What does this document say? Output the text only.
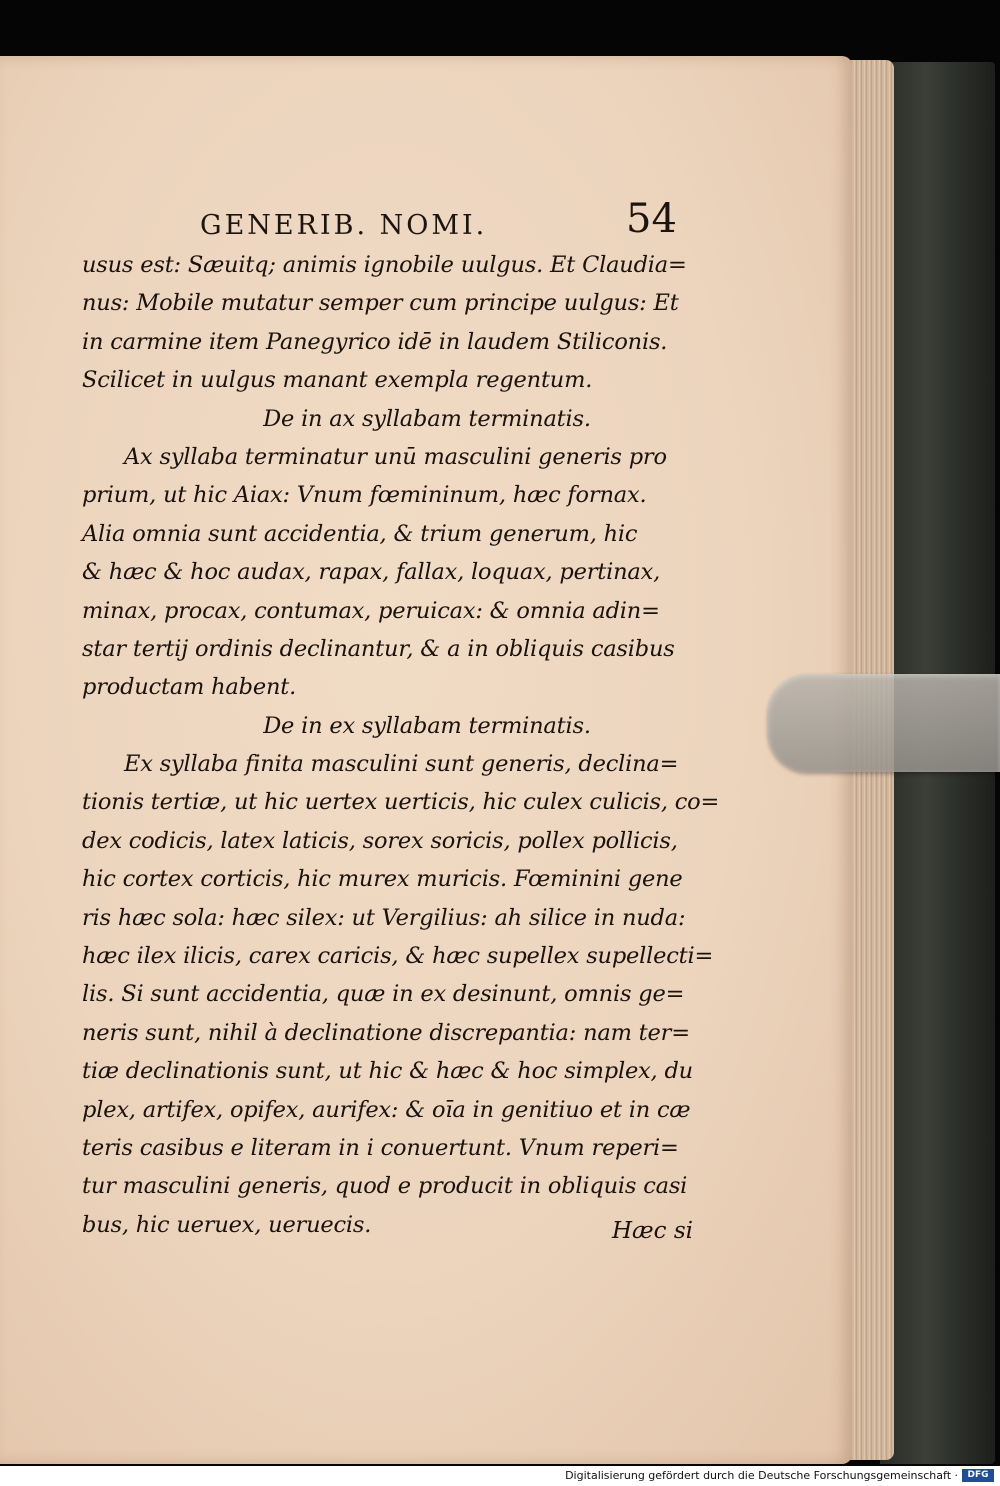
GENERIB. NOMI.	54
usus est: Sæuitq; animis ignobile uulgus. Et Claudia=
nus: Mobile mutatur semper cum principe uulgus: Et
in carmine item Panegyrico idē in laudem Stiliconis.
Scilicet in uulgus manant exempla regentum.
De in ax syllabam terminatis.
Ax syllaba terminatur unū masculini generis pro
prium, ut hic Aiax: Vnum fœmininum, hæc fornax.
Alia omnia sunt accidentia, & trium generum, hic
& hæc & hoc audax, rapax, fallax, loquax, pertinax,
minax, procax, contumax, peruicax: & omnia adin=
star tertij ordinis declinantur, & a in obliquis casibus
productam habent.
De in ex syllabam terminatis.
Ex syllaba finita masculini sunt generis, declina=
tionis tertiæ, ut hic uertex uerticis, hic culex culicis, co=
dex codicis, latex laticis, sorex soricis, pollex pollicis,
hic cortex corticis, hic murex muricis. Fœminini gene
ris hæc sola: hæc silex: ut Vergilius: ah silice in nuda:
hæc ilex ilicis, carex caricis, & hæc supellex supellecti=
lis. Si sunt accidentia, quæ in ex desinunt, omnis ge=
neris sunt, nihil à declinatione discrepantia: nam ter=
tiæ declinationis sunt, ut hic & hæc & hoc simplex, du
plex, artifex, opifex, aurifex: & oīa in genitiuo et in cæ
teris casibus e literam in i conuertunt. Vnum reperi=
tur masculini generis, quod e producit in obliquis casi
bus, hic ueruex, ueruecis.	Hæc si
Digitalisierung gefördert durch die Deutsche Forschungsgemeinschaft ·	DFG
